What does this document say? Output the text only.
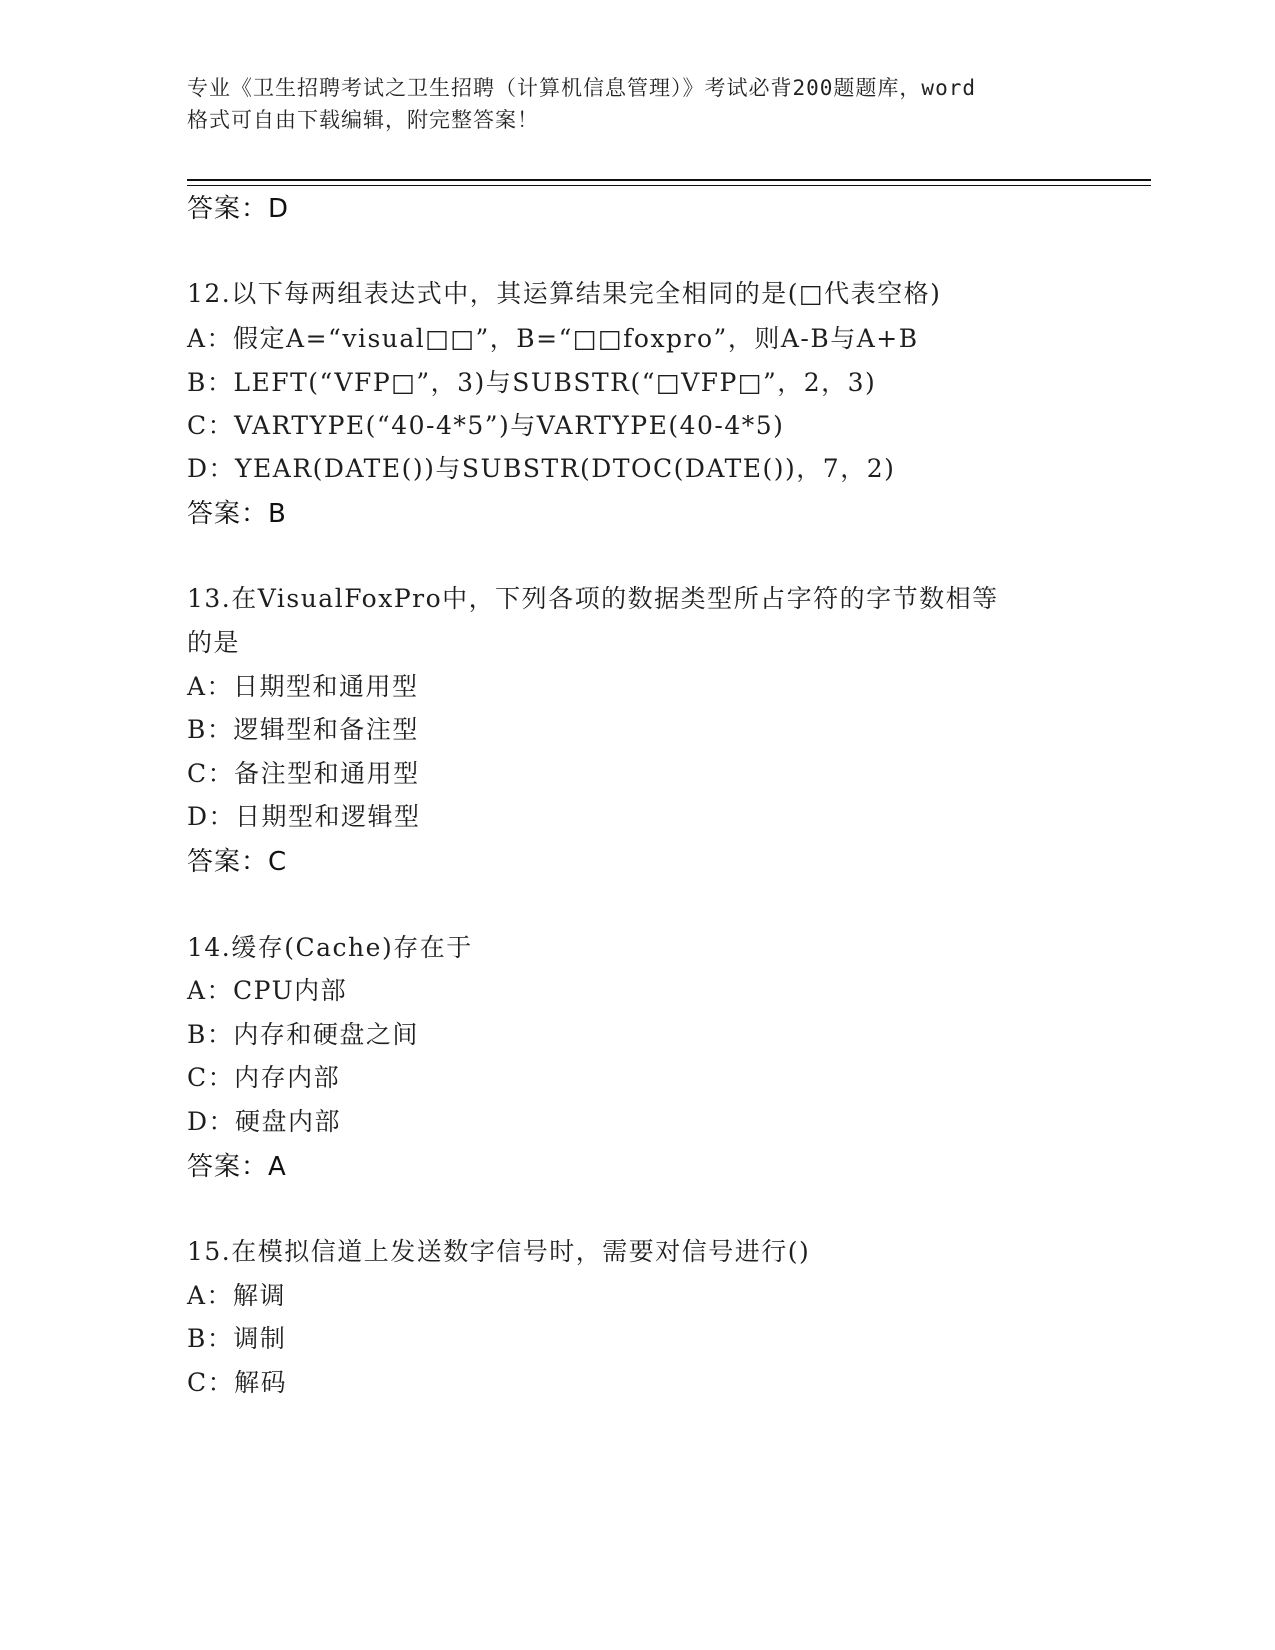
专业《卫生招聘考试之卫生招聘（计算机信息管理）》考试必背200题题库，word
格式可自由下载编辑，附完整答案！
答案：D
12.以下每两组表达式中，其运算结果完全相同的是(□代表空格)
A：假定A=“visual□□”，B=“□□foxpro”，则A-B与A+B
B：LEFT(“VFP□”，3)与SUBSTR(“□VFP□”，2，3)
C：VARTYPE(“40-4*5”)与VARTYPE(40-4*5)
D：YEAR(DATE())与SUBSTR(DTOC(DATE())，7，2)
答案：B
13.在VisualFoxPro中，下列各项的数据类型所占字符的字节数相等
的是
A：日期型和通用型
B：逻辑型和备注型
C：备注型和通用型
D：日期型和逻辑型
答案：C
14.缓存(Cache)存在于
A：CPU内部
B：内存和硬盘之间
C：内存内部
D：硬盘内部
答案：A
15.在模拟信道上发送数字信号时，需要对信号进行()
A：解调
B：调制
C：解码
